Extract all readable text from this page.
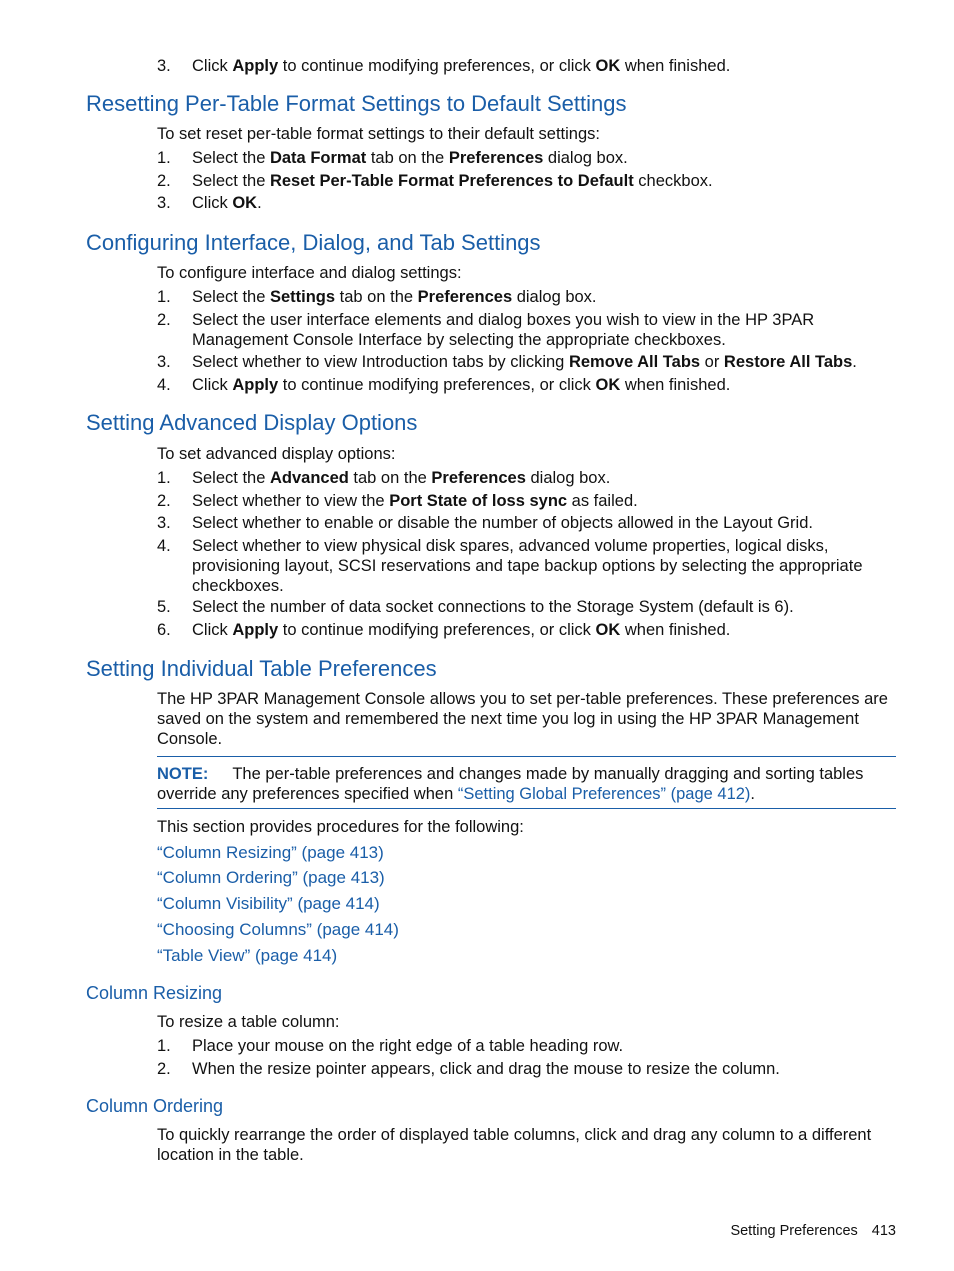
3.	Click Apply to continue modifying preferences, or click OK when finished.
Resetting Per-Table Format Settings to Default Settings

To set reset per-table format settings to their default settings:

1.	Select the Data Format tab on the Preferences dialog box.
2.	Select the Reset Per-Table Format Preferences to Default checkbox.
3.	Click OK.
Configuring Interface, Dialog, and Tab Settings

To configure interface and dialog settings:

1.	Select the Settings tab on the Preferences dialog box.
2.	Select the user interface elements and dialog boxes you wish to view in the HP 3PAR Management Console Interface by selecting the appropriate checkboxes.
3.	Select whether to view Introduction tabs by clicking Remove All Tabs or Restore All Tabs.
4.	Click Apply to continue modifying preferences, or click OK when finished.
Setting Advanced Display Options

To set advanced display options:

1.	Select the Advanced tab on the Preferences dialog box.
2.	Select whether to view the Port State of loss sync as failed.
3.	Select whether to enable or disable the number of objects allowed in the Layout Grid.
4.	Select whether to view physical disk spares, advanced volume properties, logical disks, provisioning layout, SCSI reservations and tape backup options by selecting the appropriate checkboxes.
5.	Select the number of data socket connections to the Storage System (default is 6).
6.	Click Apply to continue modifying preferences, or click OK when finished.
Setting Individual Table Preferences

The HP 3PAR Management Console allows you to set per-table preferences. These preferences are saved on the system and remembered the next time you log in using the HP 3PAR Management Console.

NOTE: The per-table preferences and changes made by manually dragging and sorting tables override any preferences specified when “Setting Global Preferences” (page 412).

This section provides procedures for the following:

“Column Resizing” (page 413)

“Column Ordering” (page 413)

“Column Visibility” (page 414)

“Choosing Columns” (page 414)

“Table View” (page 414)

Column Resizing

To resize a table column:

1.	Place your mouse on the right edge of a table heading row.
2.	When the resize pointer appears, click and drag the mouse to resize the column.
Column Ordering

To quickly rearrange the order of displayed table columns, click and drag any column to a different location in the table.

Setting Preferences 413
